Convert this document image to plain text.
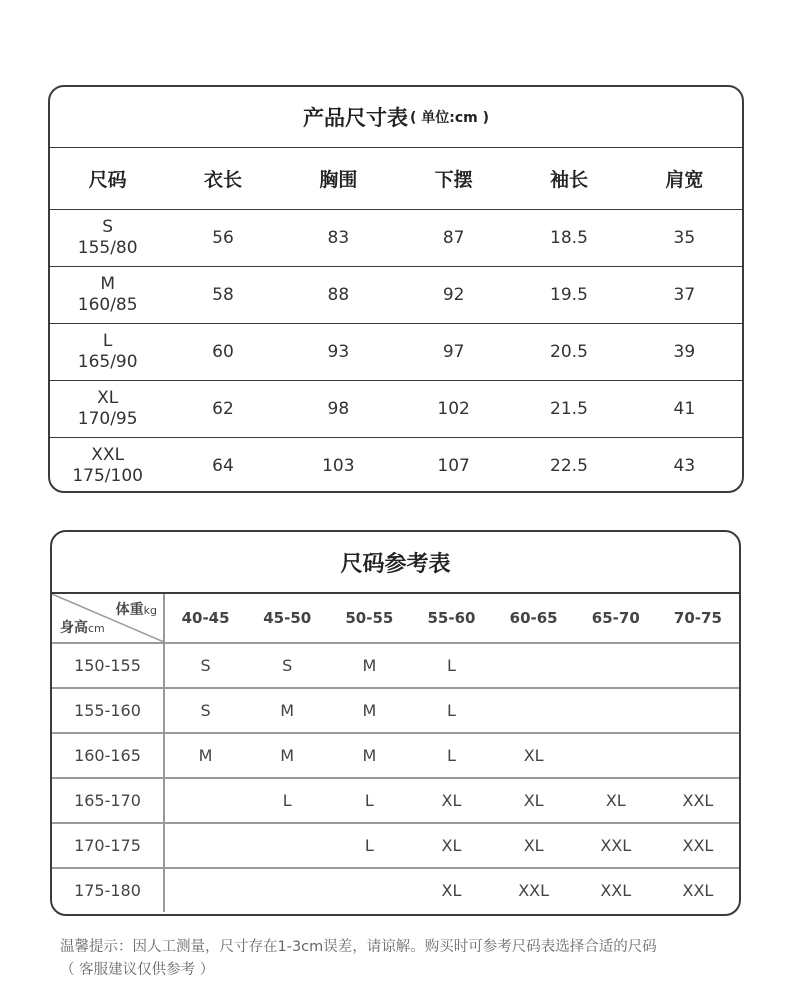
产品尺寸表 ( 单位:cm )
尺码	衣长	胸围	下摆	袖长	肩宽

S
155/80	56	83	87	18.5	35

M
160/85	58	88	92	19.5	37

L
165/90	60	93	97	20.5	39

XL
170/95	62	98	102	21.5	41

XXL
175/100	64	103	107	22.5	43
尺码参考表
体重kg
身高cm	40-45	45-50	50-55	55-60	60-65	65-70	70-75
150-155	S	S	M	L			
155-160	S	M	M	L			
160-165	M	M	M	L	XL		
165-170		L	L	XL	XL	XL	XXL
170-175			L	XL	XL	XXL	XXL
175-180				XL	XXL	XXL	XXL
温馨提示：因人工测量，尺寸存在1-3cm误差，请谅解。购买时可参考尺码表选择合适的尺码
（ 客服建议仅供参考 ）
